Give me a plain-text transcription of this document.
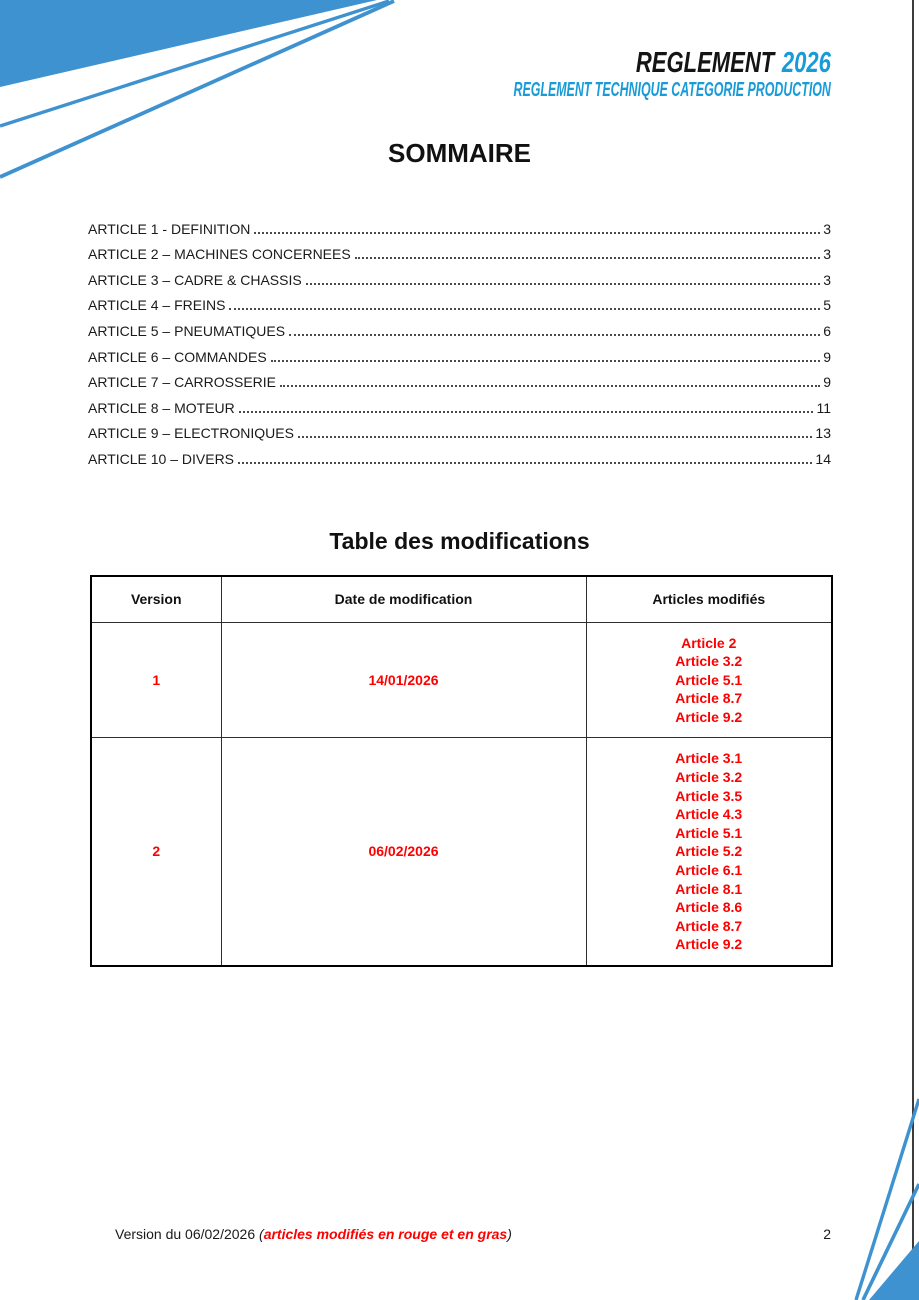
REGLEMENT 2026
REGLEMENT TECHNIQUE CATEGORIE PRODUCTION
SOMMAIRE
ARTICLE 1 - DEFINITION	3
ARTICLE 2 – MACHINES CONCERNEES	3
ARTICLE 3 – CADRE & CHASSIS	3
ARTICLE 4 – FREINS	5
ARTICLE 5 – PNEUMATIQUES	6
ARTICLE 6 – COMMANDES	9
ARTICLE 7 – CARROSSERIE	9
ARTICLE 8 – MOTEUR	11
ARTICLE 9 – ELECTRONIQUES	13
ARTICLE 10 – DIVERS	14
Table des modifications
Version	Date de modification	Articles modifiés
1	14/01/2026	Article 2
Article 3.2
Article 5.1
Article 8.7
Article 9.2

2	06/02/2026	
Article 3.1
Article 3.2
Article 3.5
Article 4.3
Article 5.1
Article 5.2
Article 6.1
Article 8.1
Article 8.6
Article 8.7
Article 9.2
Version du 06/02/2026 (articles modifiés en rouge et en gras)	2
